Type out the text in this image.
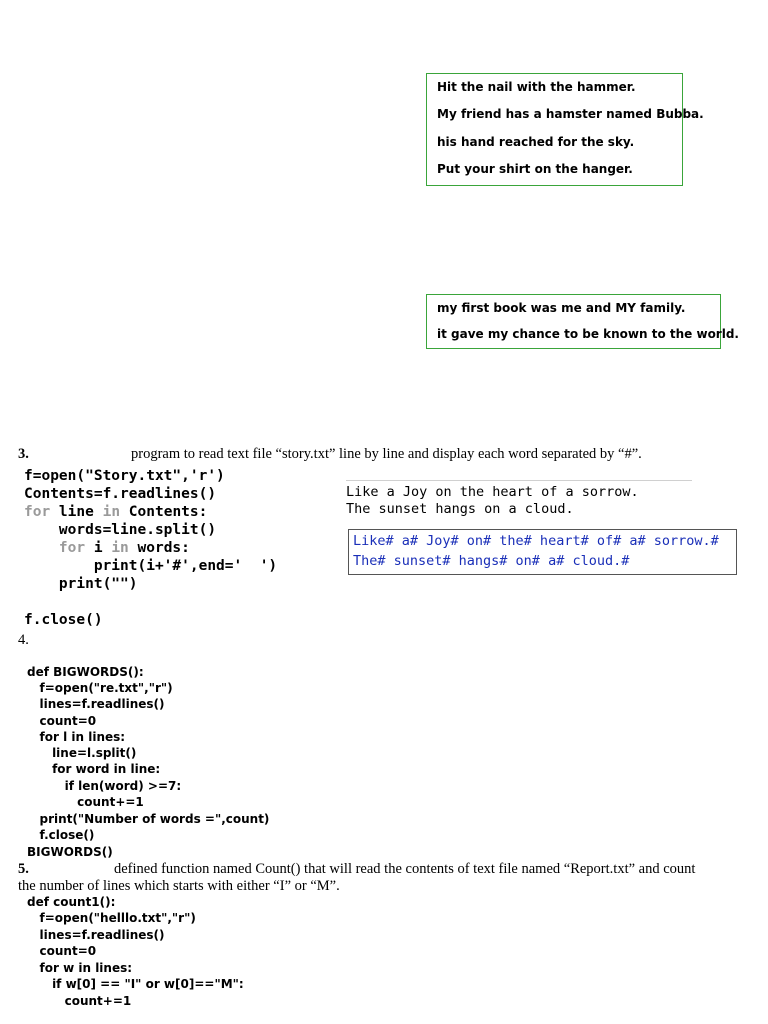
Hit the nail with the hammer.
My friend has a hamster named Bubba.
his hand reached for the sky.
Put your shirt on the hanger.
my first book was me and MY family.
it gave my chance to be known to the world.
3.	program to read text file “story.txt” line by line and display each word separated by “#”.
f=open("Story.txt",'r')
Contents=f.readlines()
for line in Contents:
words=line.split()
for i in words:
print(i+'#',end='  ')
print("")
f.close()
Like a Joy on the heart of a sorrow.
The sunset hangs on a cloud.
Like# a# Joy# on# the# heart# of# a# sorrow.#
The# sunset# hangs# on# a# cloud.#
4.
def BIGWORDS():
f=open("re.txt","r")
lines=f.readlines()
count=0
for l in lines:
line=l.split()
for word in line:
if len(word) >=7:
count+=1
print("Number of words =",count)
f.close()
BIGWORDS()
5.	defined function named Count() that will read the contents of text file named “Report.txt” and count
the number of lines which starts with either “I” or “M”.
def count1():
f=open("helllo.txt","r")
lines=f.readlines()
count=0
for w in lines:
if w[0] == "I" or w[0]=="M":
count+=1
